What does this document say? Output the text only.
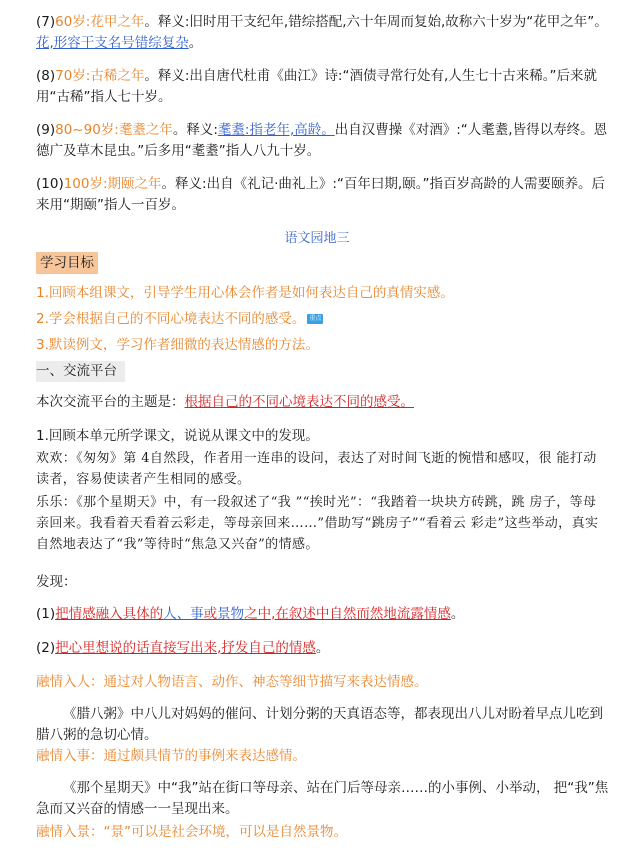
(7)60岁:花甲之年。释义:旧时用干支纪年,错综搭配,六十年周而复始,故称六十岁为“花甲之年”。花,形容干支名号错综复杂。

(8)70岁:古稀之年。释义:出自唐代杜甫《曲江》诗:“酒债寻常行处有,人生七十古来稀。”后来就用“古稀”指人七十岁。

(9)80~90岁:耄耋之年。释义:耄耋:指老年,高龄。出自汉曹操《对酒》:“人耄耋,皆得以寿终。恩德广及草木昆虫。”后多用“耄耋”指人八九十岁。

(10)100岁:期颐之年。释义:出自《礼记·曲礼上》:“百年曰期,颐。”指百岁高龄的人需要颐养。后来用“期颐”指人一百岁。

语文园地三
学习目标

1.回顾本组课文，引导学生用心体会作者是如何表达自己的真情实感。

2.学会根据自己的不同心境表达不同的感受。 重点

3.默读例文，学习作者细微的表达情感的方法。

一、交流平台

本次交流平台的主题是：根据自己的不同心境表达不同的感受。

1.回顾本单元所学课文，说说从课文中的发现。

欢欢：《匆匆》第 4自然段，作者用一连串的设问，表达了对时间飞逝的惋惜和感叹，很 能打动读者，容易使读者产生相同的感受。

乐乐：《那个星期天》中，有一段叙述了“我 ”“挨时光”：“我踏着一块块方砖跳，跳 房子，等母亲回来。我看着天看着云彩走，等母亲回来……”借助写“跳房子”“看着云 彩走”这些举动，真实自然地表达了“我”等待时“焦急又兴奋”的情感。

发现：

(1)把情感融入具体的人、事或景物之中,在叙述中自然而然地流露情感。

(2)把心里想说的话直接写出来,抒发自己的情感。

融情入人：通过对人物语言、动作、神态等细节描写来表达情感。

《腊八粥》中八儿对妈妈的催问、计划分粥的天真语态等，都表现出八儿对盼着早点儿吃到腊八粥的急切心情。

融情入事：通过颇具情节的事例来表达感情。

《那个星期天》中“我”站在街口等母亲、站在门后等母亲……的小事例、小举动， 把“我”焦急而又兴奋的情感一一呈现出来。

融情入景：“景”可以是社会环境，可以是自然景物。
